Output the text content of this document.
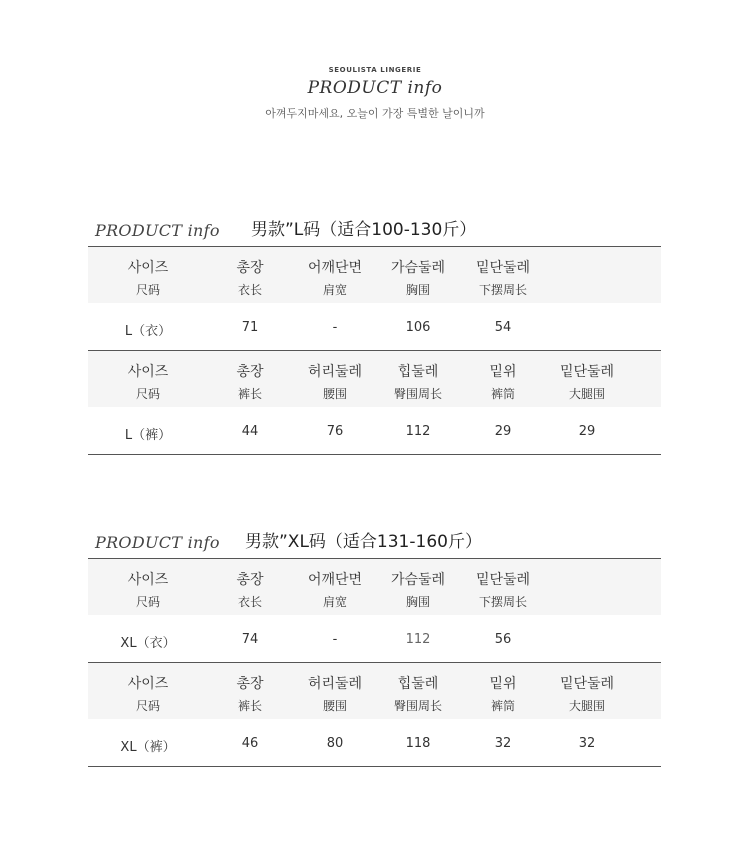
SEOULISTA LINGERIE
PRODUCT info
아껴두지마세요, 오늘이 가장 특별한 날이니까
PRODUCT info 男款”L码（适合100-130斤）
사이즈	총장	어깨단면	가슴둘레	밑단둘레
尺码	衣长	肩宽	胸围	下摆周长
L（衣）	71	-	106	54
사이즈	총장	허리둘레	힙둘레	밑위	밑단둘레
尺码	裤长	腰围	臀围周长	裤筒	大腿围
L（裤）	44	76	112	29	29
PRODUCT info 男款”XL码（适合131-160斤）
사이즈	총장	어깨단면	가슴둘레	밑단둘레
尺码	衣长	肩宽	胸围	下摆周长
XL（衣）	74	-	112	56
사이즈	총장	허리둘레	힙둘레	밑위	밑단둘레
尺码	裤长	腰围	臀围周长	裤筒	大腿围
XL（裤）	46	80	118	32	32
